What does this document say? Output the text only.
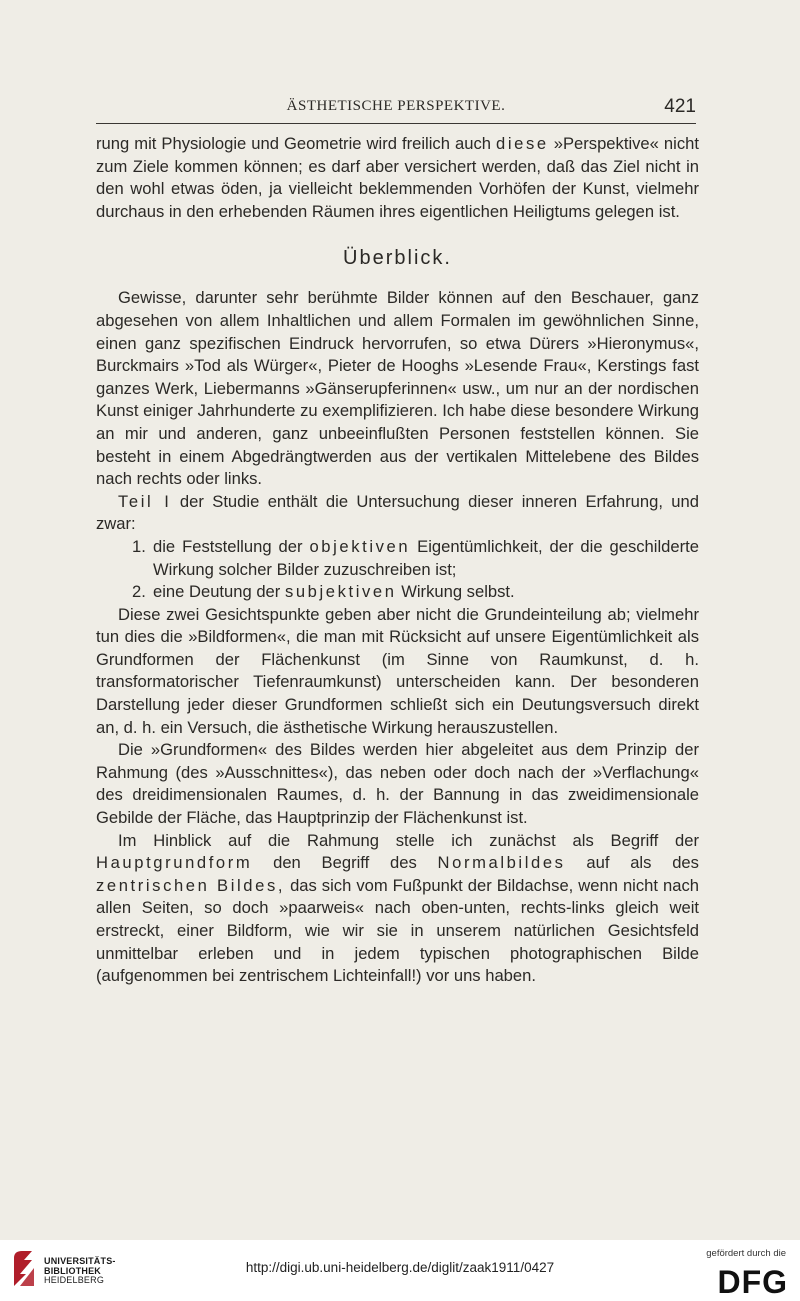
ÄSTHETISCHE PERSPEKTIVE.	421

rung mit Physiologie und Geometrie wird freilich auch diese »Perspektive« nicht zum Ziele kommen können; es darf aber versichert werden, daß das Ziel nicht in den wohl etwas öden, ja vielleicht beklemmenden Vorhöfen der Kunst, vielmehr durchaus in den erhebenden Räumen ihres eigentlichen Heiligtums gelegen ist.

Überblick.

Gewisse, darunter sehr berühmte Bilder können auf den Beschauer, ganz abgesehen von allem Inhaltlichen und allem Formalen im gewöhnlichen Sinne, einen ganz spezifischen Eindruck hervorrufen, so etwa Dürers »Hieronymus«, Burckmairs »Tod als Würger«, Pieter de Hooghs »Lesende Frau«, Kerstings fast ganzes Werk, Liebermanns »Gänserupferinnen« usw., um nur an der nordischen Kunst einiger Jahrhunderte zu exemplifizieren. Ich habe diese besondere Wirkung an mir und anderen, ganz unbeeinflußten Personen feststellen können. Sie besteht in einem Abgedrängtwerden aus der vertikalen Mittelebene des Bildes nach rechts oder links.

Teil I der Studie enthält die Untersuchung dieser inneren Erfahrung, und zwar:

1. die Feststellung der objektiven Eigentümlichkeit, der die geschilderte Wirkung solcher Bilder zuzuschreiben ist;
2. eine Deutung der subjektiven Wirkung selbst.

Diese zwei Gesichtspunkte geben aber nicht die Grundeinteilung ab; vielmehr tun dies die »Bildformen«, die man mit Rücksicht auf unsere Eigentümlichkeit als Grundformen der Flächenkunst (im Sinne von Raumkunst, d. h. transformatorischer Tiefenraumkunst) unterscheiden kann. Der besonderen Darstellung jeder dieser Grundformen schließt sich ein Deutungsversuch direkt an, d. h. ein Versuch, die ästhetische Wirkung herauszustellen.

Die »Grundformen« des Bildes werden hier abgeleitet aus dem Prinzip der Rahmung (des »Ausschnittes«), das neben oder doch nach der »Verflachung« des dreidimensionalen Raumes, d. h. der Bannung in das zweidimensionale Gebilde der Fläche, das Hauptprinzip der Flächenkunst ist.

Im Hinblick auf die Rahmung stelle ich zunächst als Begriff der Hauptgrundform den Begriff des Normalbildes auf als des zentrischen Bildes, das sich vom Fußpunkt der Bildachse, wenn nicht nach allen Seiten, so doch »paarweis« nach oben-unten, rechts-links gleich weit erstreckt, einer Bildform, wie wir sie in unserem natürlichen Gesichtsfeld unmittelbar erleben und in jedem typischen photographischen Bilde (aufgenommen bei zentrischem Lichteinfall!) vor uns haben.

UNIVERSITÄTS-
BIBLIOTHEK
HEIDELBERG
http://digi.ub.uni-heidelberg.de/diglit/zaak1911/0427
gefördert durch die
DFG
